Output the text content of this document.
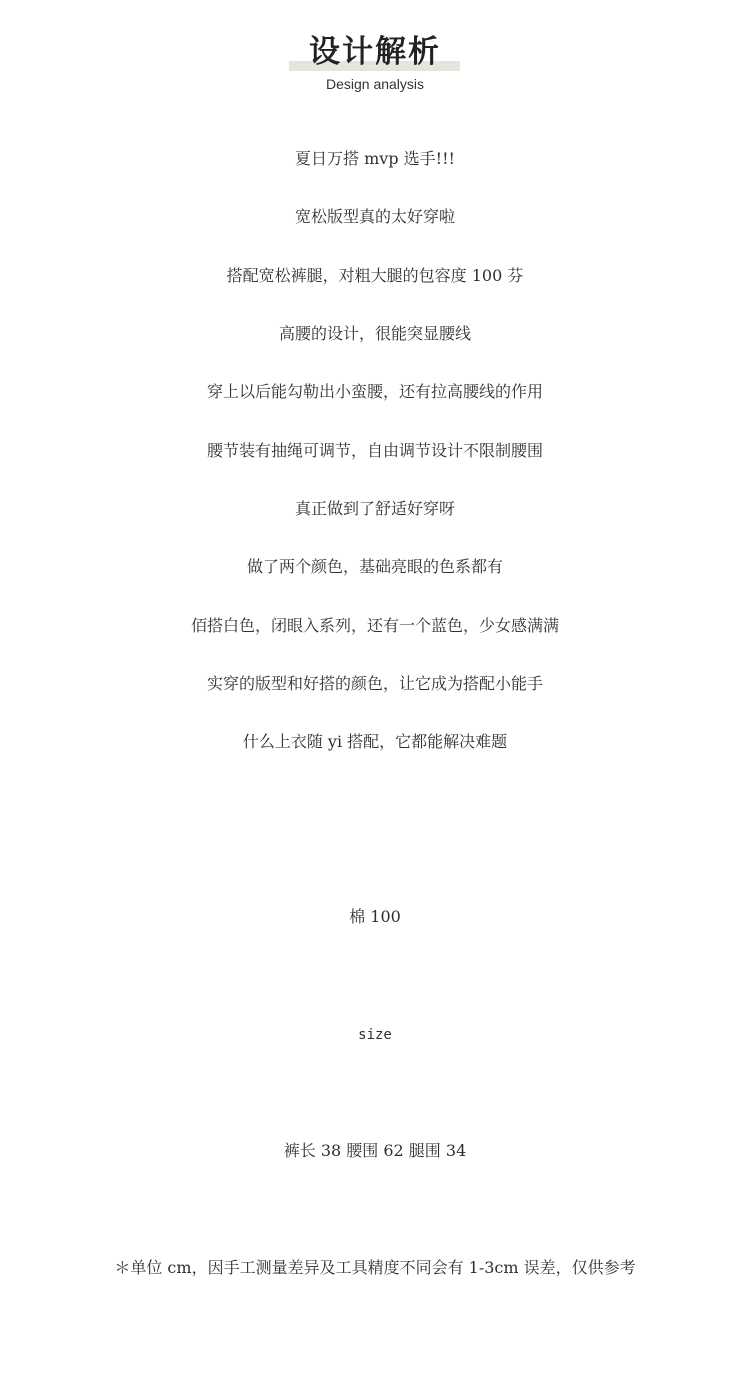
设计解析
Design analysis
夏日万搭 mvp 选手!!!
宽松版型真的太好穿啦
搭配宽松裤腿，对粗大腿的包容度 100 芬
高腰的设计，很能突显腰线
穿上以后能勾勒出小蛮腰，还有拉高腰线的作用
腰节装有抽绳可调节，自由调节设计不限制腰围
真正做到了舒适好穿呀
做了两个颜色，基础亮眼的色系都有
佰搭白色，闭眼入系列，还有一个蓝色，少女感满满
实穿的版型和好搭的颜色，让它成为搭配小能手
什么上衣随 yi 搭配，它都能解决难题
棉 100
size
裤长 38 腰围 62 腿围 34
＊单位 cm，因手工测量差异及工具精度不同会有 1-3cm 误差，仅供参考
